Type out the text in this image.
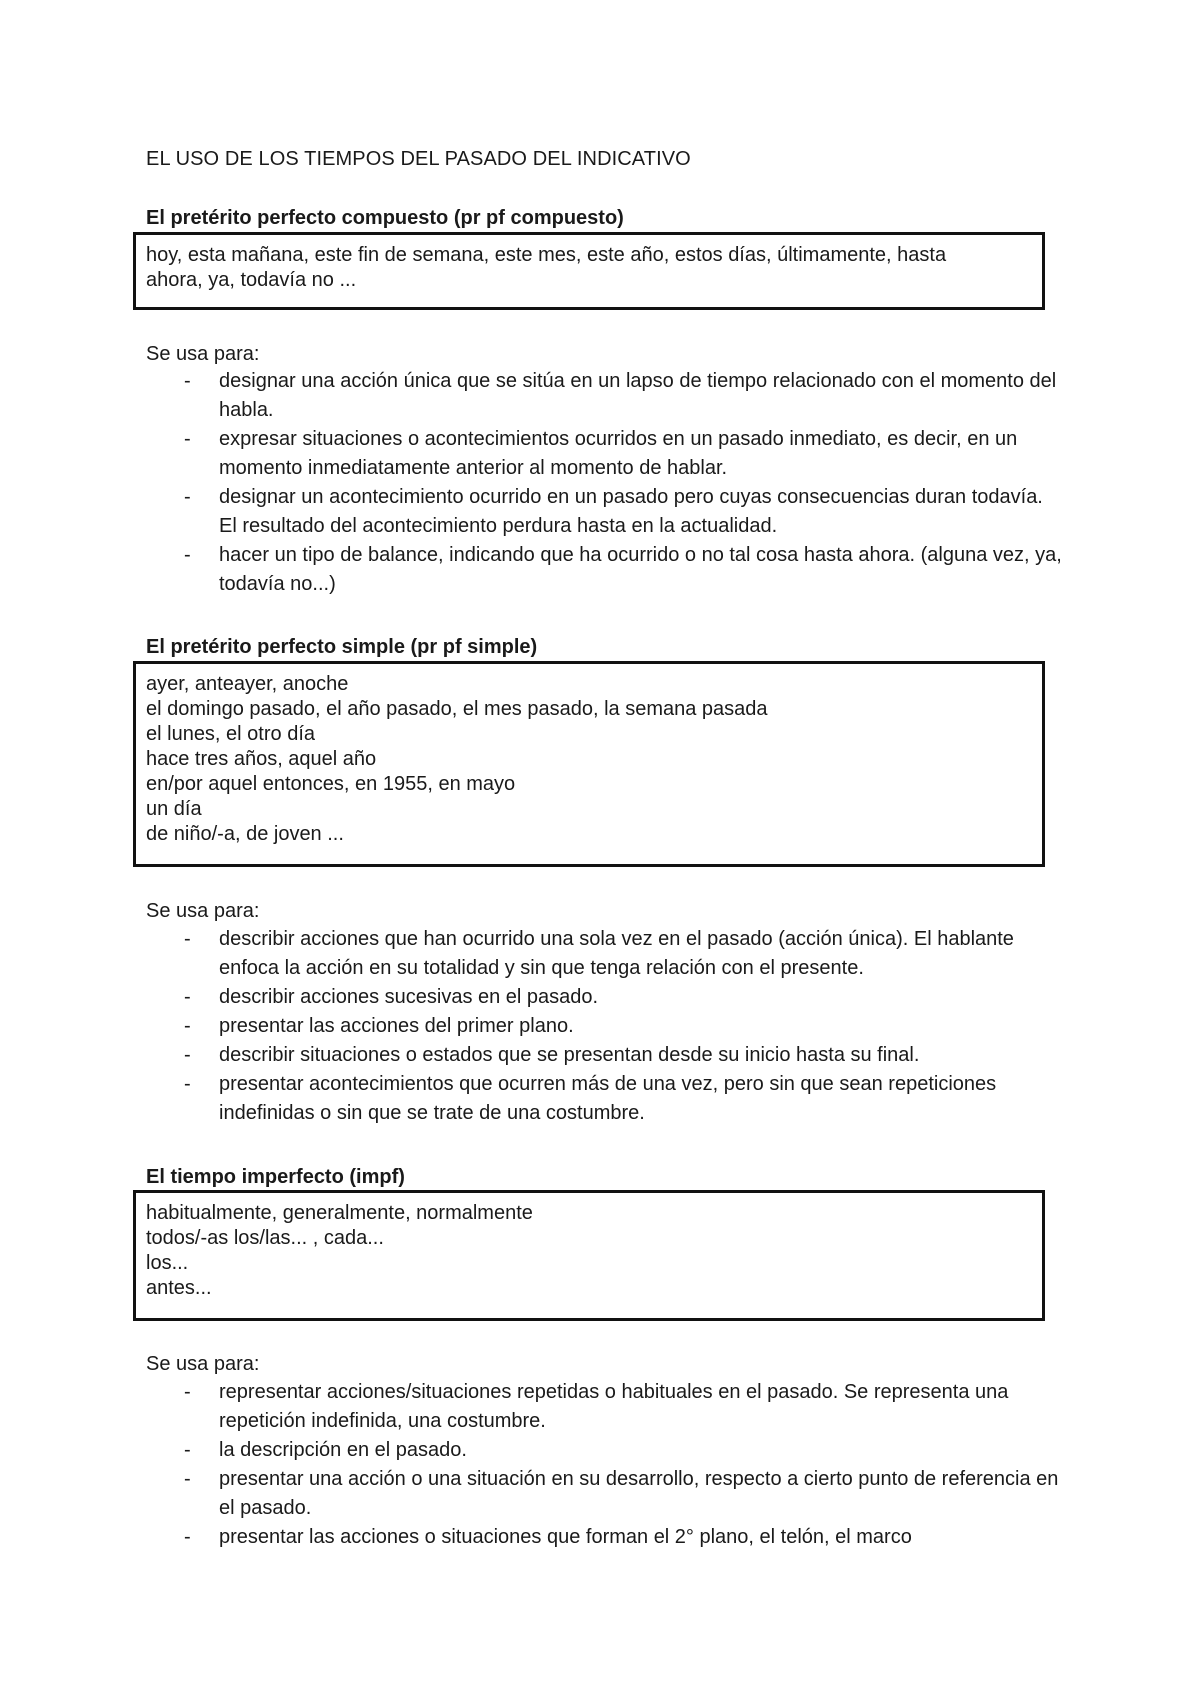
EL USO DE LOS TIEMPOS DEL PASADO DEL INDICATIVO
El pretérito perfecto compuesto (pr pf compuesto)
hoy, esta mañana, este fin de semana, este mes, este año, estos días, últimamente, hasta
ahora, ya, todavía no ...
Se usa para:
- designar una acción única que se sitúa en un lapso de tiempo relacionado con el momento del habla.
- expresar situaciones o acontecimientos ocurridos en un pasado inmediato, es decir, en un momento inmediatamente anterior al momento de hablar.
- designar un acontecimiento ocurrido en un pasado pero cuyas consecuencias duran todavía. El resultado del acontecimiento perdura hasta en la actualidad.
- hacer un tipo de balance, indicando que ha ocurrido o no tal cosa hasta ahora. (alguna vez, ya, todavía no...)
El pretérito perfecto simple (pr pf simple)
ayer, anteayer, anoche
el domingo pasado, el año pasado, el mes pasado, la semana pasada
el lunes, el otro día
hace tres años, aquel año
en/por aquel entonces, en 1955, en mayo
un día
de niño/-a, de joven ...
Se usa para:
- describir acciones que han ocurrido una sola vez en el pasado (acción única). El hablante enfoca la acción en su totalidad y sin que tenga relación con el presente.
- describir acciones sucesivas en el pasado.
- presentar las acciones del primer plano.
- describir situaciones o estados que se presentan desde su inicio hasta su final.
- presentar acontecimientos que ocurren más de una vez, pero sin que sean repeticiones indefinidas o sin que se trate de una costumbre.
El tiempo imperfecto (impf)
habitualmente, generalmente, normalmente
todos/-as los/las... , cada...
los...
antes...
Se usa para:
- representar acciones/situaciones repetidas o habituales en el pasado. Se representa una repetición indefinida, una costumbre.
- la descripción en el pasado.
- presentar una acción o una situación en su desarrollo, respecto a cierto punto de referencia en el pasado.
- presentar las acciones o situaciones que forman el 2° plano, el telón, el marco
